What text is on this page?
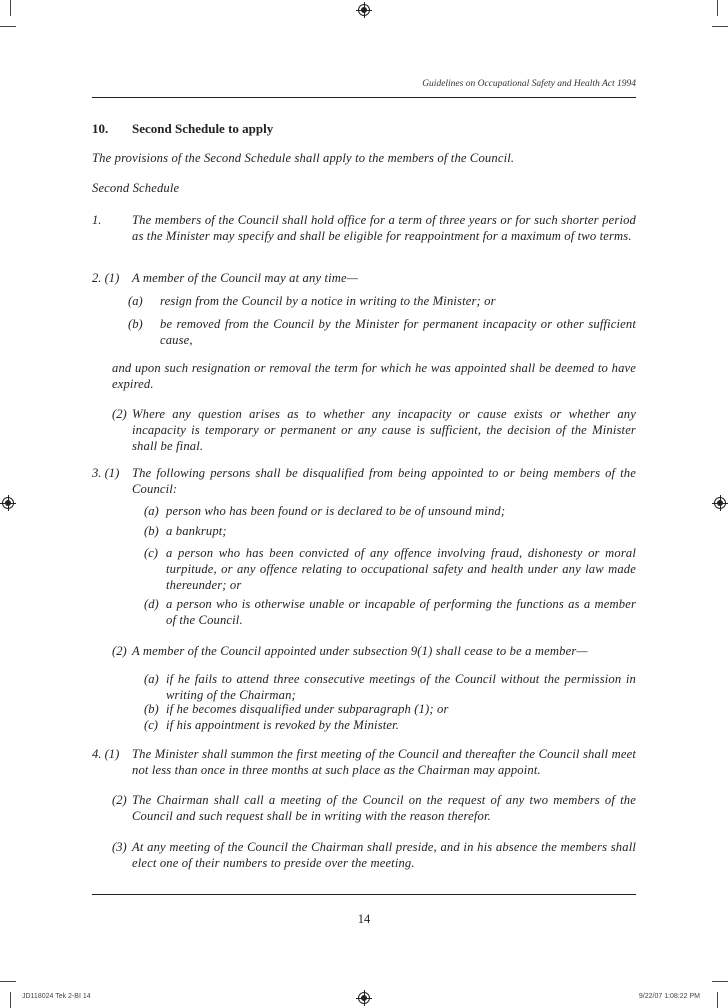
Guidelines on Occupational Safety and Health Act 1994
10. Second Schedule to apply
The provisions of the Second Schedule shall apply to the members of the Council.
Second Schedule
1. The members of the Council shall hold office for a term of three years or for such shorter period as the Minister may specify and shall be eligible for reappointment for a maximum of two terms.
2. (1) A member of the Council may at any time—
(a) resign from the Council by a notice in writing to the Minister; or
(b) be removed from the Council by the Minister for permanent incapacity or other sufficient cause,
and upon such resignation or removal the term for which he was appointed shall be deemed to have expired.
(2) Where any question arises as to whether any incapacity or cause exists or whether any incapacity is temporary or permanent or any cause is sufficient, the decision of the Minister shall be final.
3. (1) The following persons shall be disqualified from being appointed to or being members of the Council:
(a) person who has been found or is declared to be of unsound mind;
(b) a bankrupt;
(c) a person who has been convicted of any offence involving fraud, dishonesty or moral turpitude, or any offence relating to occupational safety and health under any law made thereunder; or
(d) a person who is otherwise unable or incapable of performing the functions as a member of the Council.
(2) A member of the Council appointed under subsection 9(1) shall cease to be a member—
(a) if he fails to attend three consecutive meetings of the Council without the permission in writing of the Chairman;
(b) if he becomes disqualified under subparagraph (1); or
(c) if his appointment is revoked by the Minister.
4. (1) The Minister shall summon the first meeting of the Council and thereafter the Council shall meet not less than once in three months at such place as the Chairman may appoint.
(2) The Chairman shall call a meeting of the Council on the request of any two members of the Council and such request shall be in writing with the reason therefor.
(3) At any meeting of the Council the Chairman shall preside, and in his absence the members shall elect one of their numbers to preside over the meeting.
14
JD118024 Tek 2-BI 14	9/22/07 1:08:22 PM
